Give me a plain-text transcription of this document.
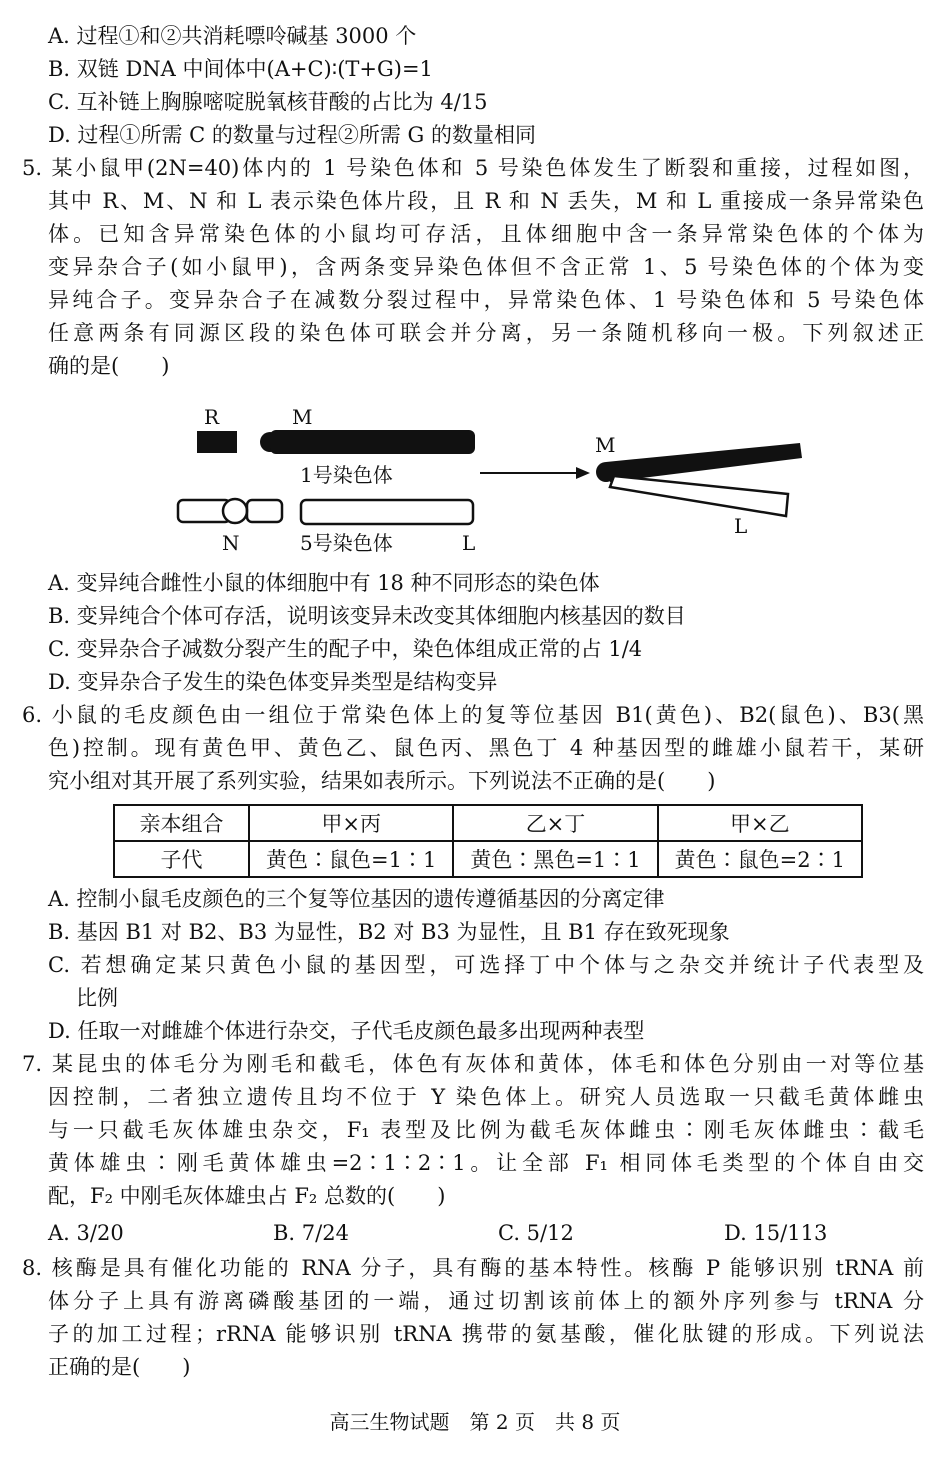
A. 过程①和②共消耗嘌呤碱基 3000 个
B. 双链 DNA 中间体中(A+C)∶(T+G)=1
C. 互补链上胸腺嘧啶脱氧核苷酸的占比为 4/15
D. 过程①所需 C 的数量与过程②所需 G 的数量相同
5. 某小鼠甲(2N=40)体内的 1 号染色体和 5 号染色体发生了断裂和重接，过程如图，
其中 R、M、N 和 L 表示染色体片段，且 R 和 N 丢失，M 和 L 重接成一条异常染色
体。已知含异常染色体的小鼠均可存活，且体细胞中含一条异常染色体的个体为
变异杂合子(如小鼠甲)，含两条变异染色体但不含正常 1、5 号染色体的个体为变
异纯合子。变异杂合子在减数分裂过程中，异常染色体、1 号染色体和 5 号染色体
任意两条有同源区段的染色体可联会并分离，另一条随机移向一极。下列叙述正
确的是(　　)
R	M
1号染色体
N	5号染色体	L
M
L
A. 变异纯合雌性小鼠的体细胞中有 18 种不同形态的染色体
B. 变异纯合个体可存活，说明该变异未改变其体细胞内核基因的数目
C. 变异杂合子减数分裂产生的配子中，染色体组成正常的占 1/4
D. 变异杂合子发生的染色体变异类型是结构变异
6. 小鼠的毛皮颜色由一组位于常染色体上的复等位基因 B1(黄色)、B2(鼠色)、B3(黑
色)控制。现有黄色甲、黄色乙、鼠色丙、黑色丁 4 种基因型的雌雄小鼠若干，某研
究小组对其开展了系列实验，结果如表所示。下列说法不正确的是(　　)
亲本组合	甲×丙	乙×丁	甲×乙
子代	黄色∶鼠色=1∶1	黄色∶黑色=1∶1	黄色∶鼠色=2∶1
A. 控制小鼠毛皮颜色的三个复等位基因的遗传遵循基因的分离定律
B. 基因 B1 对 B2、B3 为显性，B2 对 B3 为显性，且 B1 存在致死现象
C. 若想确定某只黄色小鼠的基因型，可选择丁中个体与之杂交并统计子代表型及
比例
D. 任取一对雌雄个体进行杂交，子代毛皮颜色最多出现两种表型
7. 某昆虫的体毛分为刚毛和截毛，体色有灰体和黄体，体毛和体色分别由一对等位基
因控制，二者独立遗传且均不位于 Y 染色体上。研究人员选取一只截毛黄体雌虫
与一只截毛灰体雄虫杂交，F₁ 表型及比例为截毛灰体雌虫∶刚毛灰体雌虫∶截毛
黄体雄虫∶刚毛黄体雄虫=2∶1∶2∶1。让全部 F₁ 相同体毛类型的个体自由交
配，F₂ 中刚毛灰体雄虫占 F₂ 总数的(　　)
A. 3/20	B. 7/24	C. 5/12	D. 15/113
8. 核酶是具有催化功能的 RNA 分子，具有酶的基本特性。核酶 P 能够识别 tRNA 前
体分子上具有游离磷酸基团的一端，通过切割该前体上的额外序列参与 tRNA 分
子的加工过程；rRNA 能够识别 tRNA 携带的氨基酸，催化肽键的形成。下列说法
正确的是(　　)
高三生物试题　第 2 页　共 8 页
